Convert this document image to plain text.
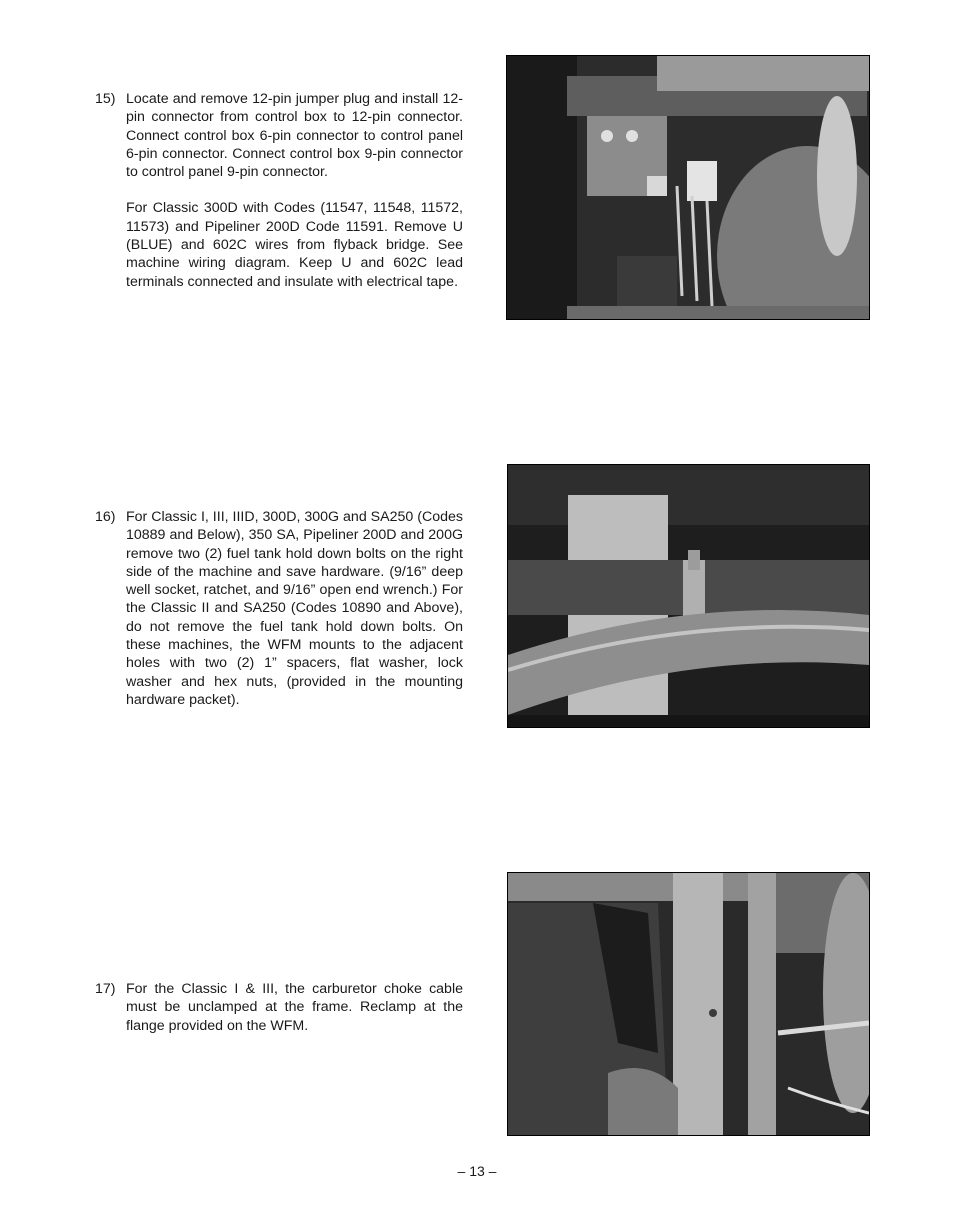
15) Locate and remove 12-pin jumper plug and install 12-pin connector from control box to 12-pin connector. Connect control box 6-pin connector to control panel 6-pin connector. Connect control box 9-pin connector to control panel 9-pin connector.

For Classic 300D with Codes (11547, 11548, 11572, 11573) and Pipeliner 200D Code 11591. Remove U (BLUE) and 602C wires from flyback bridge. See machine wiring diagram. Keep U and 602C lead terminals connected and insulate with electrical tape.

16) For Classic I, III, IIID, 300D, 300G and SA250 (Codes 10889 and Below), 350 SA, Pipeliner 200D and 200G remove two (2) fuel tank hold down bolts on the right side of the machine and save hardware. (9/16” deep well socket, ratchet, and 9/16” open end wrench.) For the Classic II and SA250 (Codes 10890 and Above), do not remove the fuel tank hold down bolts. On these machines, the WFM mounts to the adjacent holes with two (2) 1” spacers, flat washer, lock washer and hex nuts, (provided in the mounting hardware packet).

17) For the Classic I & III, the carburetor choke cable must be unclamped at the frame. Reclamp at the flange provided on the WFM.

– 13 –
